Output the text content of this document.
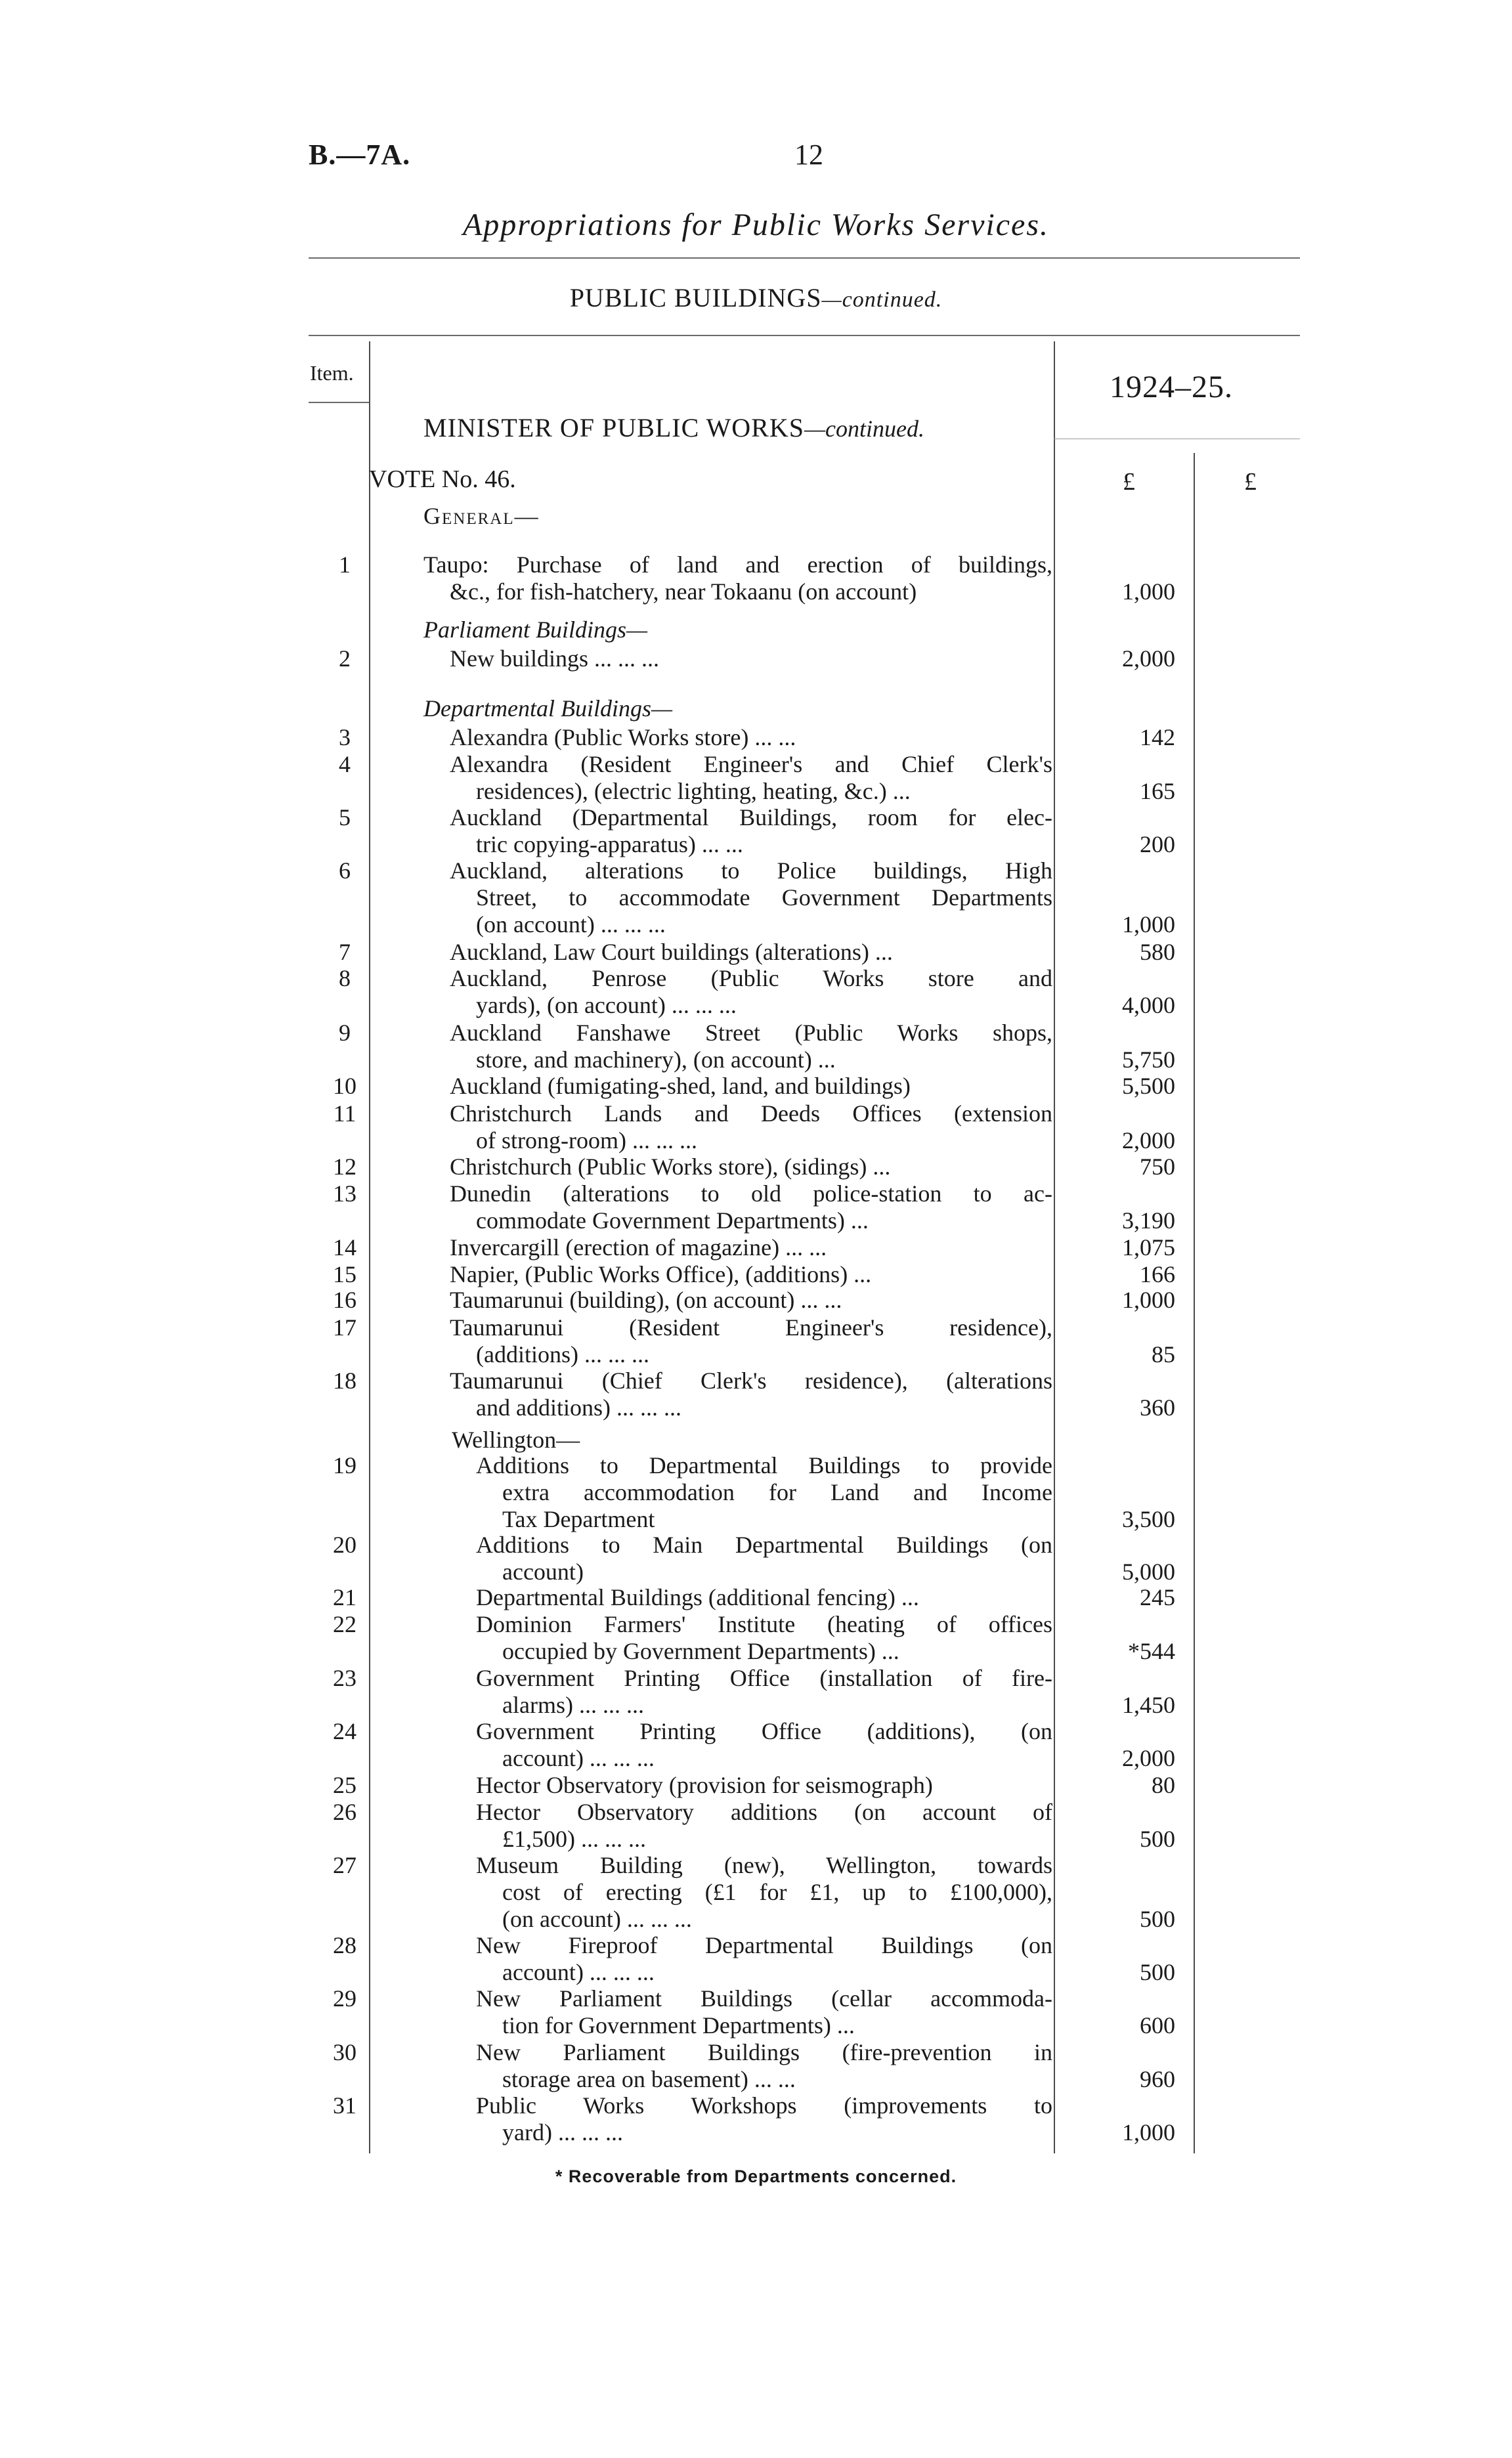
B.—7A.	12
Appropriations for Public Works Services.
PUBLIC BUILDINGS—continued.
Item.	1924–25.
MINISTER OF PUBLIC WORKS—continued.
VOTE No. 46.	£	£
General—
Parliament Buildings—
Departmental Buildings—
Wellington—
1	Taupo: Purchase of land and erection of buildings,
&c., for fish-hatchery, near Tokaanu (on account)	1,000
2	New buildings ... ... ...	2,000
3	Alexandra (Public Works store) ... ...	142
4	Alexandra (Resident Engineer's and Chief Clerk's
residences), (electric lighting, heating, &c.) ...	165
5	Auckland (Departmental Buildings, room for elec-
tric copying-apparatus) ... ...	200
6	Auckland, alterations to Police buildings, High
Street, to accommodate Government Departments
(on account) ... ... ...	1,000
7	Auckland, Law Court buildings (alterations) ...	580
8	Auckland, Penrose (Public Works store and
yards), (on account) ... ... ...	4,000
9	Auckland Fanshawe Street (Public Works shops,
store, and machinery), (on account) ...	5,750
10	Auckland (fumigating-shed, land, and buildings)	5,500
11	Christchurch Lands and Deeds Offices (extension
of strong-room) ... ... ...	2,000
12	Christchurch (Public Works store), (sidings) ...	750
13	Dunedin (alterations to old police-station to ac-
commodate Government Departments) ...	3,190
14	Invercargill (erection of magazine) ... ...	1,075
15	Napier, (Public Works Office), (additions) ...	166
16	Taumarunui (building), (on account) ... ...	1,000
17	Taumarunui (Resident Engineer's residence),
(additions) ... ... ...	85
18	Taumarunui (Chief Clerk's residence), (alterations
and additions) ... ... ...	360
19	Additions to Departmental Buildings to provide
extra accommodation for Land and Income
Tax Department	3,500
20	Additions to Main Departmental Buildings (on
account)	5,000
21	Departmental Buildings (additional fencing) ...	245
22	Dominion Farmers' Institute (heating of offices
occupied by Government Departments) ...	*544
23	Government Printing Office (installation of fire-
alarms) ... ... ...	1,450
24	Government Printing Office (additions), (on
account) ... ... ...	2,000
25	Hector Observatory (provision for seismograph)	80
26	Hector Observatory additions (on account of
£1,500) ... ... ...	500
27	Museum Building (new), Wellington, towards
cost of erecting (£1 for £1, up to £100,000),
(on account) ... ... ...	500
28	New Fireproof Departmental Buildings (on
account) ... ... ...	500
29	New Parliament Buildings (cellar accommoda-
tion for Government Departments) ...	600
30	New Parliament Buildings (fire-prevention in
storage area on basement) ... ...	960
31	Public Works Workshops (improvements to
yard) ... ... ...	1,000
* Recoverable from Departments concerned.
